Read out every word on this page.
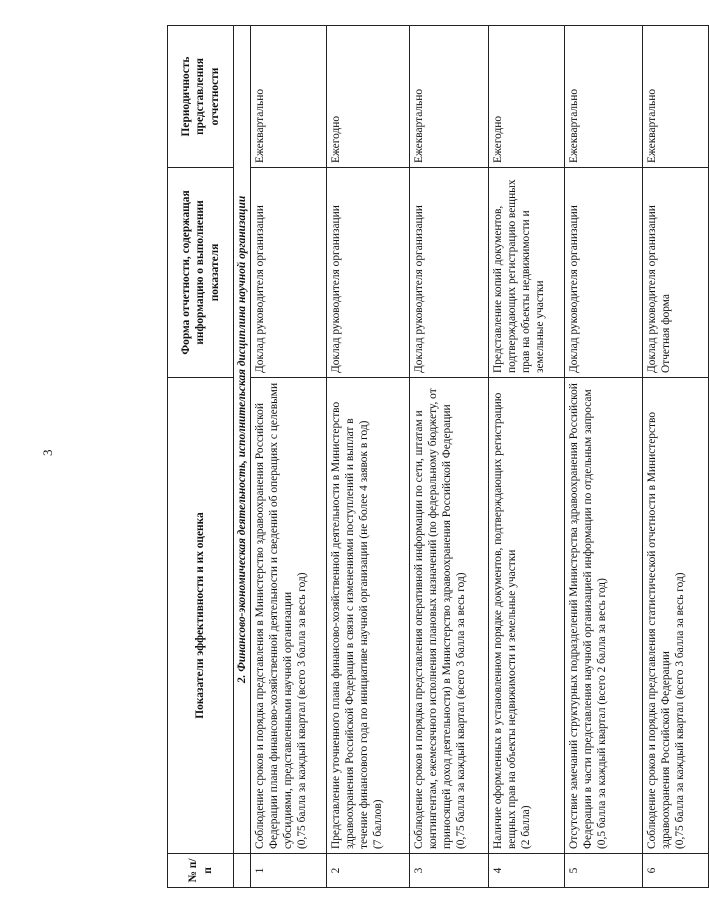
3
№ п/п	Показатели эффективности и их оценка	Форма отчетности, содержащая информацию о выполнении показателя	Периодичность представления отчетности
	2. Финансово-экономическая деятельность, исполнительская дисциплина научной организации		
1	Соблюдение сроков и порядка представления в Министерство здравоохранения Российской Федерации плана финансово-хозяйственной деятельности и сведений об операциях с целевыми субсидиями, представленными научной организации (0,75 балла за каждый квартал (всего 3 балла за весь год)	Доклад руководителя организации	Ежеквартально
2	Представление уточненного плана финансово-хозяйственной деятельности в Министерство здравоохранения Российской Федерации в связи с изменениями поступлений и выплат в течение финансового года по инициативе научной организации (не более 4 заявок в год) (7 баллов)	Доклад руководителя организации	Ежегодно
3	Соблюдение сроков и порядка представления оперативной информации по сети, штатам и контингентам, ежемесячного исполнения плановых назначений (по федеральному бюджету, от приносящей доход деятельности) в Министерство здравоохранения Российской Федерации (0,75 балла за каждый квартал (всего 3 балла за весь год)	Доклад руководителя организации	Ежеквартально
4	Наличие оформленных в установленном порядке документов, подтверждающих регистрацию вещных прав на объекты недвижимости и земельные участки (2 балла)	Представление копий документов, подтверждающих регистрацию вещных прав на объекты недвижимости и земельные участки	Ежегодно
5	Отсутствие замечаний структурных подразделений Министерства здравоохранения Российской Федерации в части представления научной организацией информации по отдельным запросам (0,5 балла за каждый квартал (всего 2 балла за весь год)	Доклад руководителя организации	Ежеквартально
6	Соблюдение сроков и порядка представления статистической отчетности в Министерство здравоохранения Российской Федерации (0,75 балла за каждый квартал (всего 3 балла за весь год)	Доклад руководителя организации Отчетная форма	Ежеквартально
